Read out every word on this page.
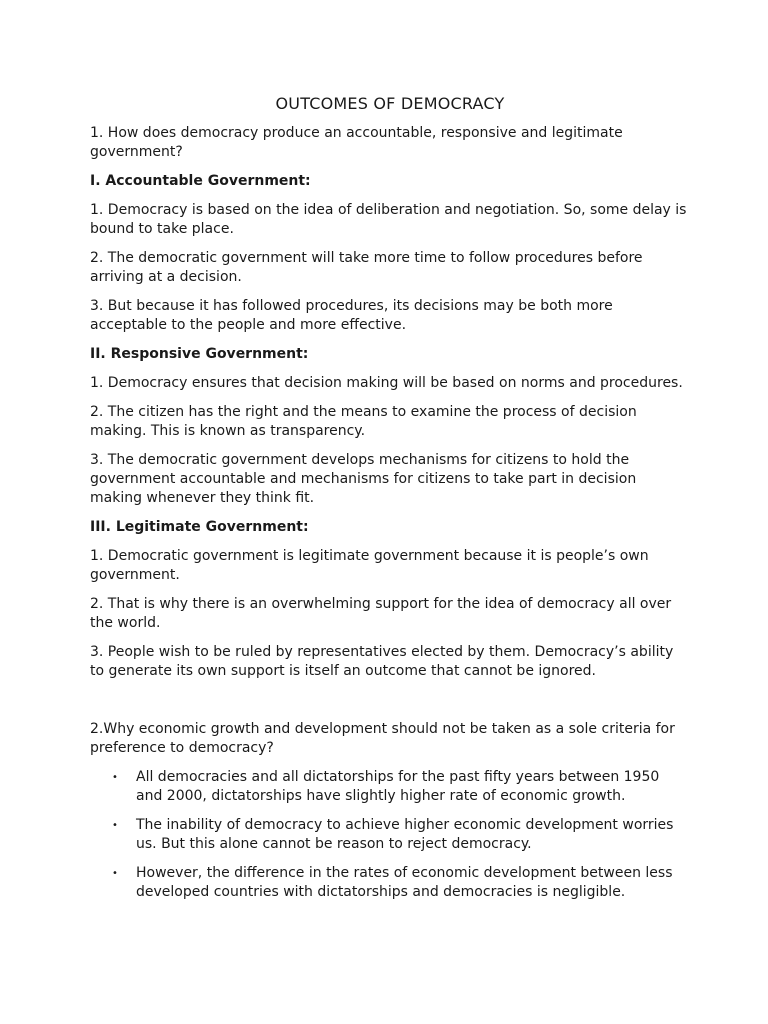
OUTCOMES OF DEMOCRACY

1. How does democracy produce an accountable, responsive and legitimate government?

I. Accountable Government:

1. Democracy is based on the idea of deliberation and negotiation. So, some delay is bound to take place.

2. The democratic government will take more time to follow procedures before arriving at a decision.

3. But because it has followed procedures, its decisions may be both more acceptable to the people and more effective.

II. Responsive Government:

1. Democracy ensures that decision making will be based on norms and procedures.

2. The citizen has the right and the means to examine the process of decision making. This is known as transparency.

3. The democratic government develops mechanisms for citizens to hold the government accountable and mechanisms for citizens to take part in decision making whenever they think fit.

III. Legitimate Government:

1. Democratic government is legitimate government because it is people’s own government.

2. That is why there is an overwhelming support for the idea of democracy all over the world.

3. People wish to be ruled by representatives elected by them. Democracy’s ability to generate its own support is itself an outcome that cannot be ignored.

2.Why economic growth and development should not be taken as a sole criteria for preference to democracy?

• All democracies and all dictatorships for the past fifty years between 1950 and 2000, dictatorships have slightly higher rate of economic growth.
• The inability of democracy to achieve higher economic development worries us. But this alone cannot be reason to reject democracy.
• However, the difference in the rates of economic development between less developed countries with dictatorships and democracies is negligible.
